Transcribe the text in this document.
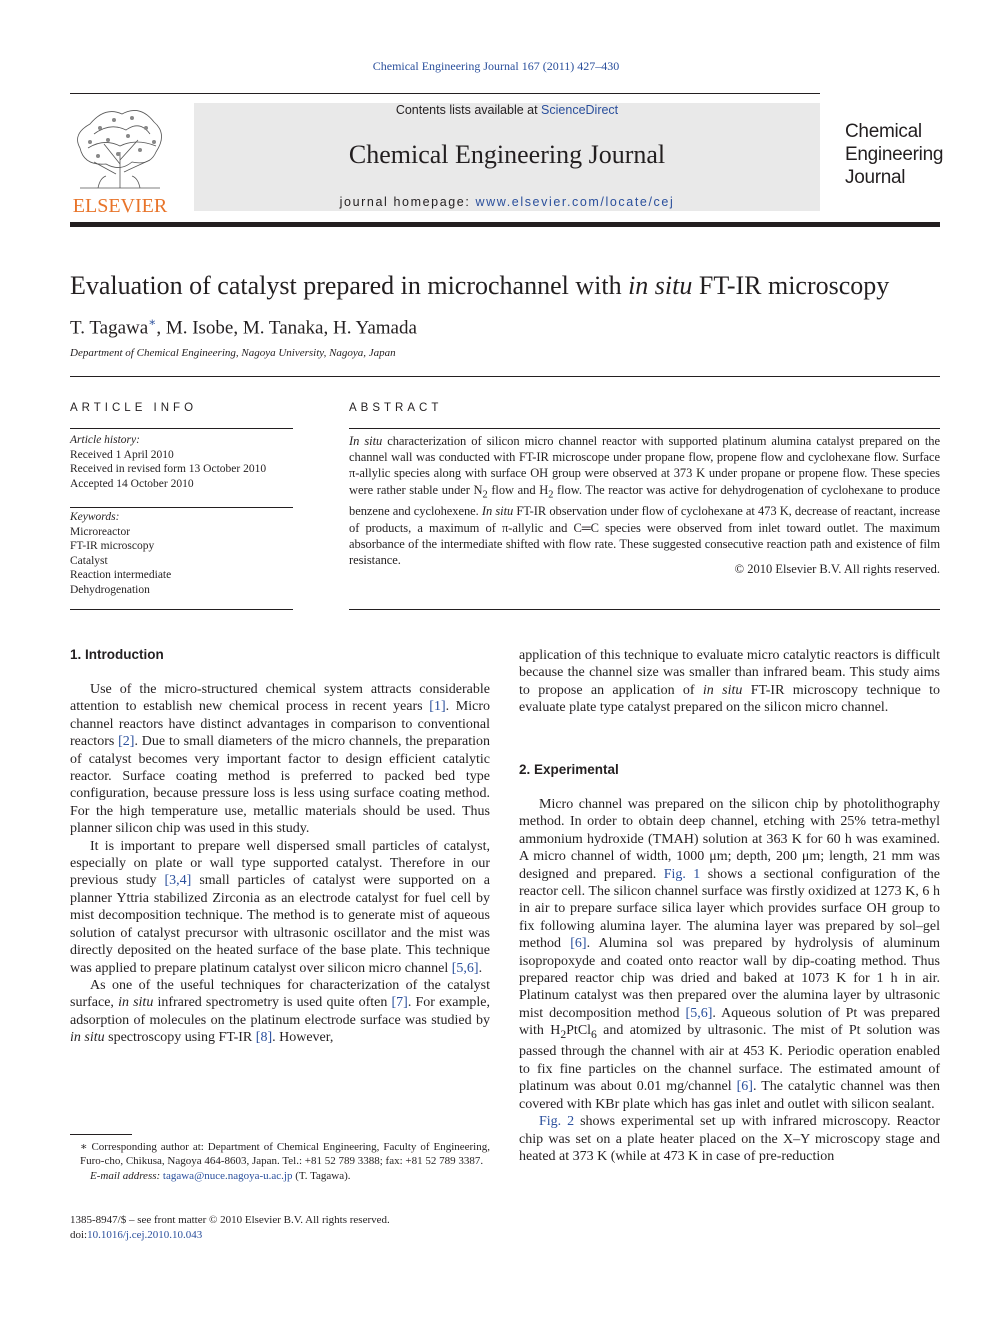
Chemical Engineering Journal 167 (2011) 427–430
ELSEVIER
Contents lists available at ScienceDirect
Chemical Engineering Journal
journal homepage: www.elsevier.com/locate/cej
Chemical
Engineering
Journal
Evaluation of catalyst prepared in microchannel with in situ FT-IR microscopy
T. Tagawa∗, M. Isobe, M. Tanaka, H. Yamada
Department of Chemical Engineering, Nagoya University, Nagoya, Japan
ARTICLE INFO
Article history:
Received 1 April 2010
Received in revised form 13 October 2010
Accepted 14 October 2010
Keywords:
Microreactor
FT-IR microscopy
Catalyst
Reaction intermediate
Dehydrogenation
ABSTRACT
In situ characterization of silicon micro channel reactor with supported platinum alumina catalyst prepared on the channel wall was conducted with FT-IR microscope under propane flow, propene flow and cyclohexane flow. Surface π-allylic species along with surface OH group were observed at 373 K under propane or propene flow. These species were rather stable under $N_2$ flow and $H_2$ flow. The reactor was active for dehydrogenation of cyclohexane to produce benzene and cyclohexene. In situ FT-IR observation under flow of cyclohexane at 473 K, decrease of reactant, increase of products, a maximum of π-allylic and C═C species were observed from inlet toward outlet. The maximum absorbance of the intermediate shifted with flow rate. These suggested consecutive reaction path and existence of film resistance.
© 2010 Elsevier B.V. All rights reserved.
1. Introduction

Use of the micro-structured chemical system attracts considerable attention to establish new chemical process in recent years [1]. Micro channel reactors have distinct advantages in comparison to conventional reactors [2]. Due to small diameters of the micro channels, the preparation of catalyst becomes very important factor to design efficient catalytic reactor. Surface coating method is preferred to packed bed type configuration, because pressure loss is less using surface coating method. For the high temperature use, metallic materials should be used. Thus planner silicon chip was used in this study.

It is important to prepare well dispersed small particles of catalyst, especially on plate or wall type supported catalyst. Therefore in our previous study [3,4] small particles of catalyst were supported on a planner Yttria stabilized Zirconia as an electrode catalyst for fuel cell by mist decomposition technique. The method is to generate mist of aqueous solution of catalyst precursor with ultrasonic oscillator and the mist was directly deposited on the heated surface of the base plate. This technique was applied to prepare platinum catalyst over silicon micro channel [5,6].

As one of the useful techniques for characterization of the catalyst surface, in situ infrared spectrometry is used quite often [7]. For example, adsorption of molecules on the platinum electrode surface was studied by in situ spectroscopy using FT-IR [8]. However,

application of this technique to evaluate micro catalytic reactors is difficult because the channel size was smaller than infrared beam. This study aims to propose an application of in situ FT-IR microscopy technique to evaluate plate type catalyst prepared on the silicon micro channel.

2. Experimental

Micro channel was prepared on the silicon chip by photolithography method. In order to obtain deep channel, etching with 25% tetra-methyl ammonium hydroxide (TMAH) solution at 363 K for 60 h was examined. A micro channel of width, 1000 μm; depth, 200 μm; length, 21 mm was designed and prepared. Fig. 1 shows a sectional configuration of the reactor cell. The silicon channel surface was firstly oxidized at 1273 K, 6 h in air to prepare surface silica layer which provides surface OH group to fix following alumina layer. The alumina layer was prepared by sol–gel method [6]. Alumina sol was prepared by hydrolysis of aluminum isopropoxyde and coated onto reactor wall by dip-coating method. Thus prepared reactor chip was dried and baked at 1073 K for 1 h in air. Platinum catalyst was then prepared over the alumina layer by ultrasonic mist decomposition method [5,6]. Aqueous solution of Pt was prepared with $H_2PtCl_6$ and atomized by ultrasonic. The mist of Pt solution was passed through the channel with air at 453 K. Periodic operation enabled to fix fine particles on the channel surface. The estimated amount of platinum was about 0.01 mg/channel [6]. The catalytic channel was then covered with KBr plate which has gas inlet and outlet with silicon sealant.

Fig. 2 shows experimental set up with infrared microscopy. Reactor chip was set on a plate heater placed on the X–Y microscopy stage and heated at 373 K (while at 473 K in case of pre-reduction

∗ Corresponding author at: Department of Chemical Engineering, Faculty of Engineering, Furo-cho, Chikusa, Nagoya 464-8603, Japan. Tel.: +81 52 789 3388; fax: +81 52 789 3387.
E-mail address: tagawa@nuce.nagoya-u.ac.jp (T. Tagawa).
1385-8947/$ – see front matter © 2010 Elsevier B.V. All rights reserved.
doi:10.1016/j.cej.2010.10.043
